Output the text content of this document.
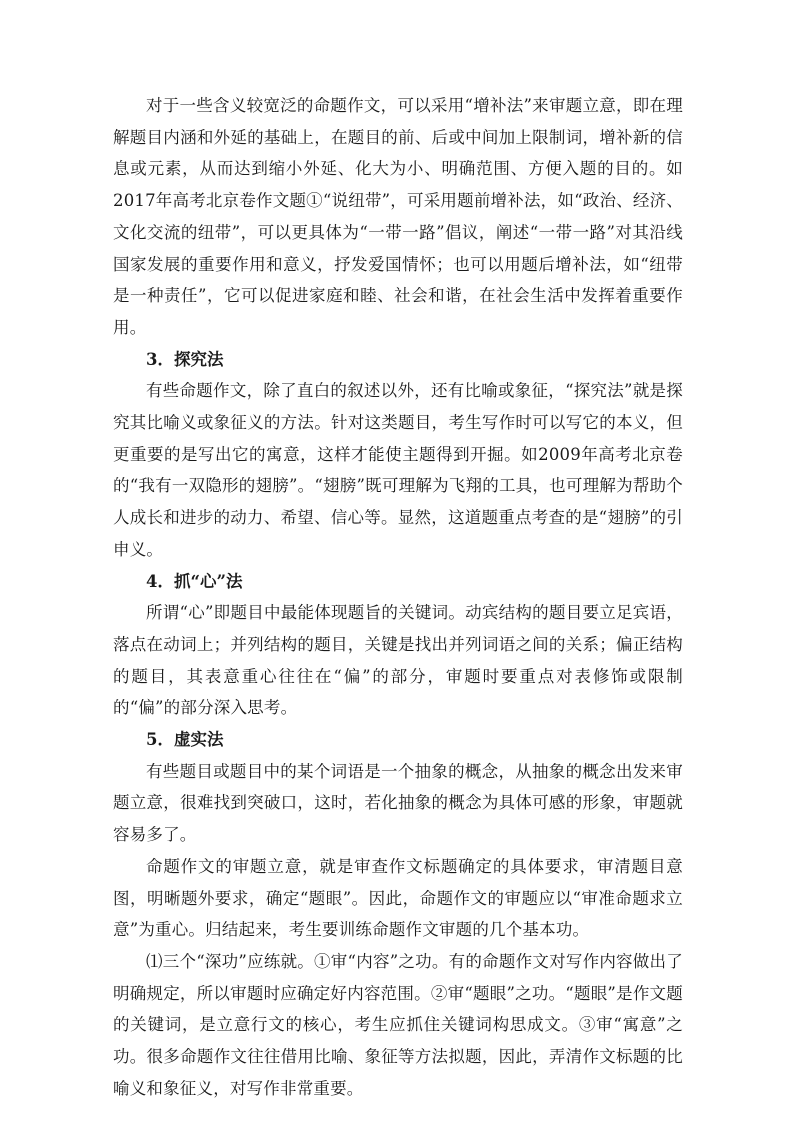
对于一些含义较宽泛的命题作文，可以采用“增补法”来审题立意，即在理解题目内涵和外延的基础上，在题目的前、后或中间加上限制词，增补新的信息或元素，从而达到缩小外延、化大为小、明确范围、方便入题的目的。如2017年高考北京卷作文题①“说纽带”，可采用题前增补法，如“政治、经济、文化交流的纽带”，可以更具体为“一带一路”倡议，阐述“一带一路”对其沿线国家发展的重要作用和意义，抒发爱国情怀；也可以用题后增补法，如“纽带是一种责任”，它可以促进家庭和睦、社会和谐，在社会生活中发挥着重要作用。

3．探究法

有些命题作文，除了直白的叙述以外，还有比喻或象征，“探究法”就是探究其比喻义或象征义的方法。针对这类题目，考生写作时可以写它的本义，但更重要的是写出它的寓意，这样才能使主题得到开掘。如2009年高考北京卷的“我有一双隐形的翅膀”。“翅膀”既可理解为飞翔的工具，也可理解为帮助个人成长和进步的动力、希望、信心等。显然，这道题重点考查的是“翅膀”的引申义。

4．抓“心”法

所谓“心”即题目中最能体现题旨的关键词。动宾结构的题目要立足宾语，落点在动词上；并列结构的题目，关键是找出并列词语之间的关系；偏正结构的题目，其表意重心往往在“偏”的部分，审题时要重点对表修饰或限制的“偏”的部分深入思考。

5．虚实法

有些题目或题目中的某个词语是一个抽象的概念，从抽象的概念出发来审题立意，很难找到突破口，这时，若化抽象的概念为具体可感的形象，审题就容易多了。

命题作文的审题立意，就是审查作文标题确定的具体要求，审清题目意图，明晰题外要求，确定“题眼”。因此，命题作文的审题应以“审准命题求立意”为重心。归结起来，考生要训练命题作文审题的几个基本功。

⑴三个“深功”应练就。①审“内容”之功。有的命题作文对写作内容做出了明确规定，所以审题时应确定好内容范围。②审“题眼”之功。“题眼”是作文题的关键词，是立意行文的核心，考生应抓住关键词构思成文。③审“寓意”之功。很多命题作文往往借用比喻、象征等方法拟题，因此，弄清作文标题的比喻义和象征义，对写作非常重要。
